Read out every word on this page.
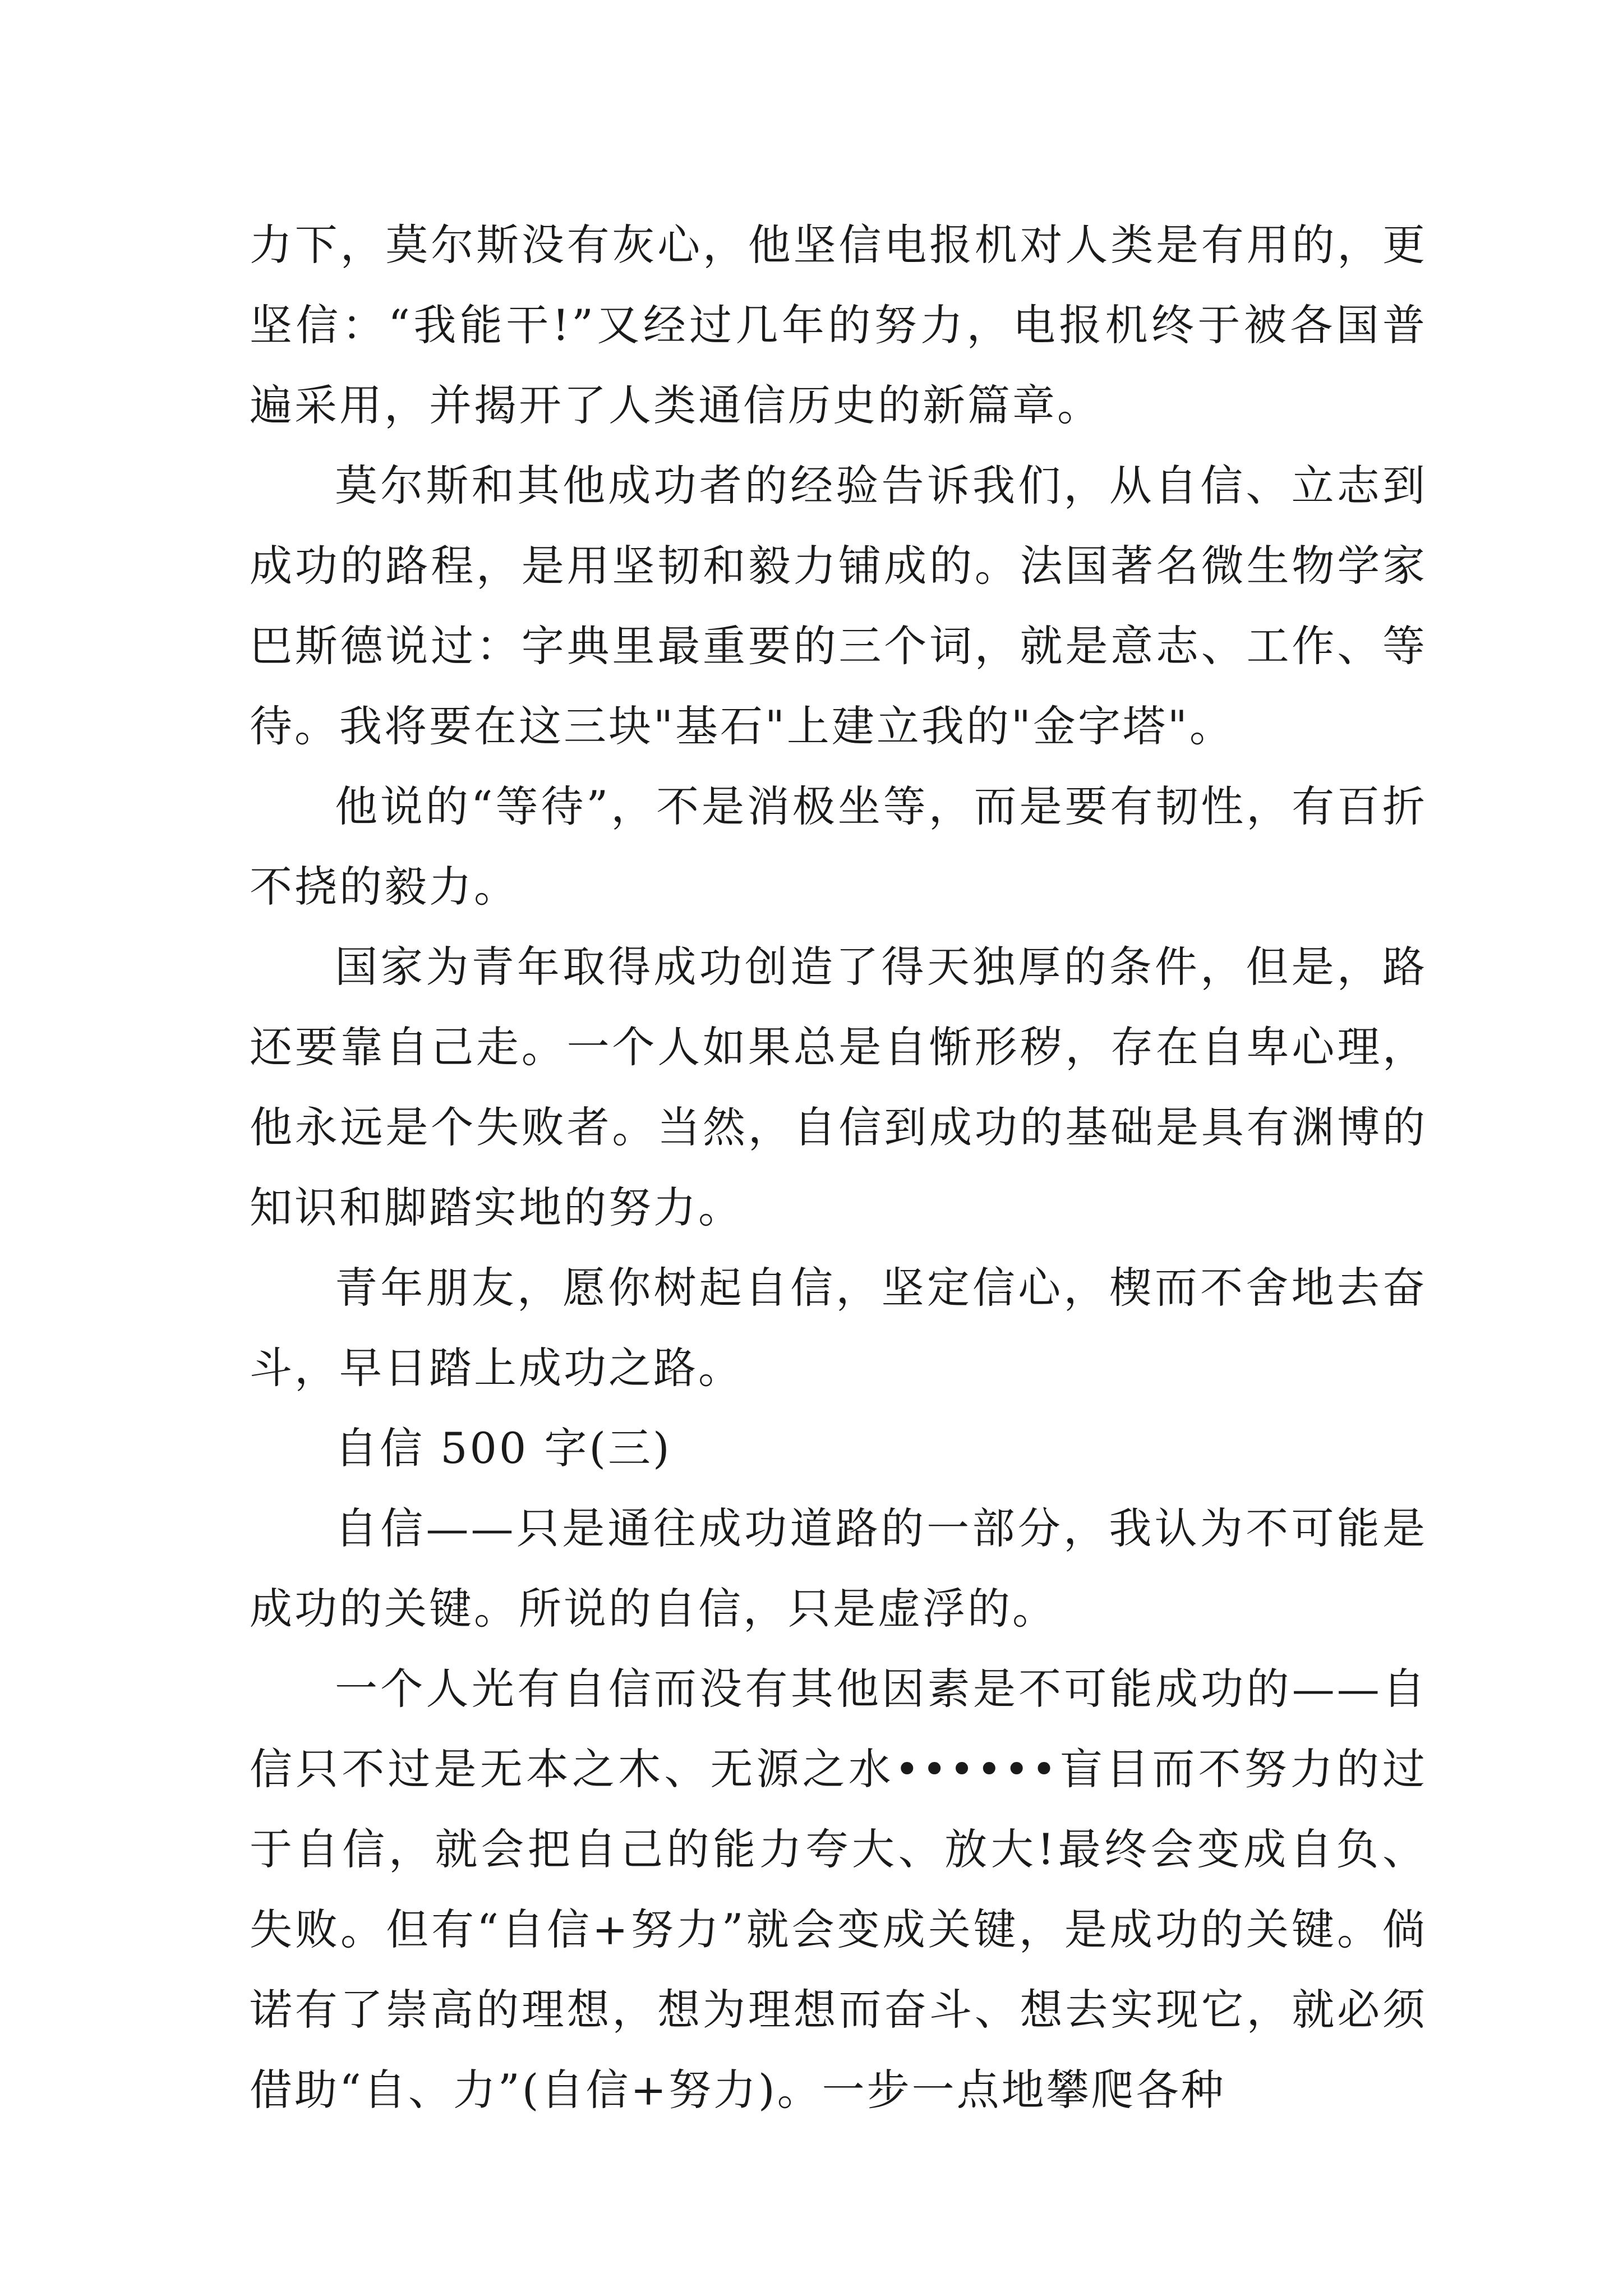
力下，莫尔斯没有灰心，他坚信电报机对人类是有用的，更坚信：“我能干!”又经过几年的努力，电报机终于被各国普遍采用，并揭开了人类通信历史的新篇章。

莫尔斯和其他成功者的经验告诉我们，从自信、立志到成功的路程，是用坚韧和毅力铺成的。法国著名微生物学家巴斯德说过：字典里最重要的三个词，就是意志、工作、等待。我将要在这三块"基石"上建立我的"金字塔"。

他说的“等待”，不是消极坐等，而是要有韧性，有百折不挠的毅力。

国家为青年取得成功创造了得天独厚的条件，但是，路还要靠自己走。一个人如果总是自惭形秽，存在自卑心理，他永远是个失败者。当然，自信到成功的基础是具有渊博的知识和脚踏实地的努力。

青年朋友，愿你树起自信，坚定信心，楔而不舍地去奋斗，早日踏上成功之路。

自信 500 字(三)

自信——只是通往成功道路的一部分，我认为不可能是成功的关键。所说的自信，只是虚浮的。

一个人光有自信而没有其他因素是不可能成功的——自信只不过是无本之木、无源之水••••••盲目而不努力的过于自信，就会把自己的能力夸大、放大!最终会变成自负、失败。但有“自信+努力”就会变成关键，是成功的关键。倘诺有了崇高的理想，想为理想而奋斗、想去实现它，就必须借助“自、力”(自信+努力)。一步一点地攀爬各种
